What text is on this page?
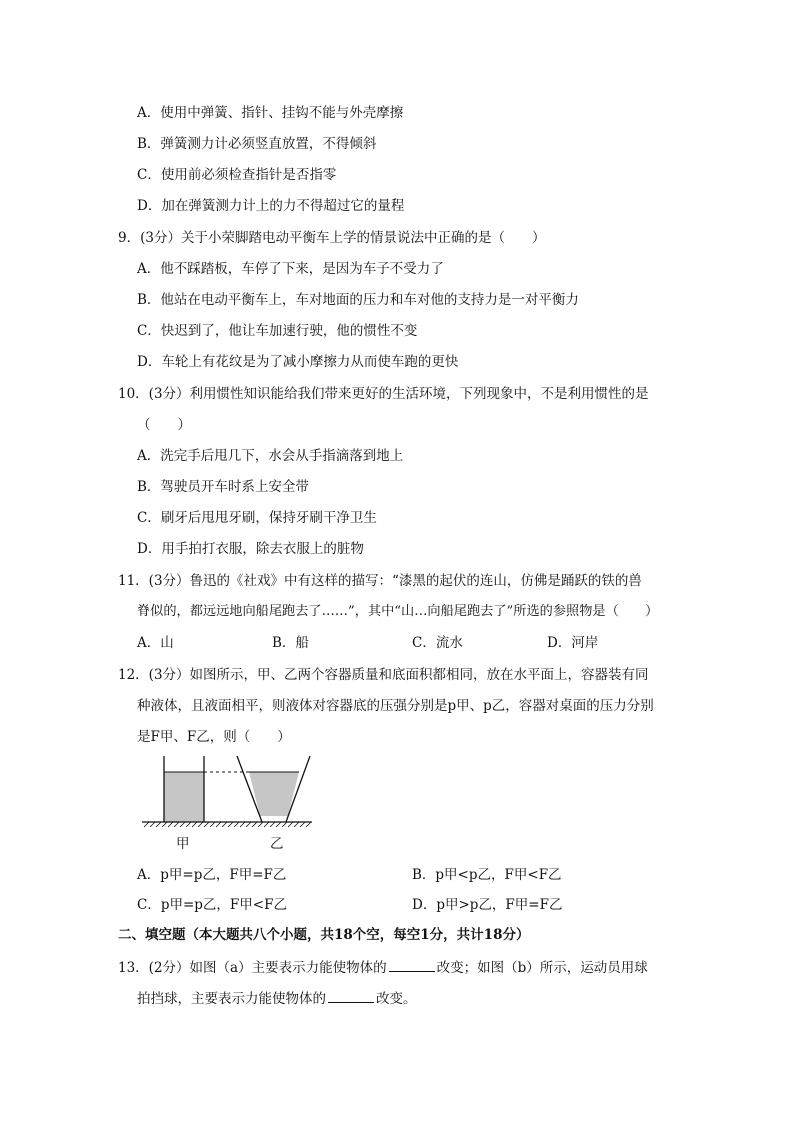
A．使用中弹簧、指针、挂钩不能与外壳摩擦
B．弹簧测力计必须竖直放置，不得倾斜
C．使用前必须检查指针是否指零
D．加在弹簧测力计上的力不得超过它的量程
9．(3分）关于小荣脚踏电动平衡车上学的情景说法中正确的是（　　）
A．他不踩踏板，车停了下来，是因为车子不受力了
B．他站在电动平衡车上，车对地面的压力和车对他的支持力是一对平衡力
C．快迟到了，他让车加速行驶，他的惯性不变
D．车轮上有花纹是为了减小摩擦力从而使车跑的更快
10．(3分）利用惯性知识能给我们带来更好的生活环境，下列现象中，不是利用惯性的是
（　　）
A．洗完手后甩几下，水会从手指滴落到地上
B．驾驶员开车时系上安全带
C．刷牙后甩甩牙刷，保持牙刷干净卫生
D．用手拍打衣服，除去衣服上的脏物
11．(3分）鲁迅的《社戏》中有这样的描写：“漆黑的起伏的连山，仿佛是踊跃的铁的兽
脊似的，都远远地向船尾跑去了……”，其中“山…向船尾跑去了”所选的参照物是（　　）
A．山	B．船	C．流水	D．河岸
12．(3分）如图所示，甲、乙两个容器质量和底面积都相同，放在水平面上，容器装有同
种液体，且液面相平，则液体对容器底的压强分别是p甲、p乙，容器对桌面的压力分别
是F甲、F乙，则（　　）
甲	乙
A．p甲=p乙，F甲=F乙	B．p甲<p乙，F甲<F乙
C．p甲=p乙，F甲<F乙	D．p甲>p乙，F甲=F乙
二、填空题（本大题共八个小题，共18个空，每空1分，共计18分）
13．(2分）如图（a）主要表示力能使物体的	改变；如图（b）所示，运动员用球
拍挡球，主要表示力能使物体的	改变。
